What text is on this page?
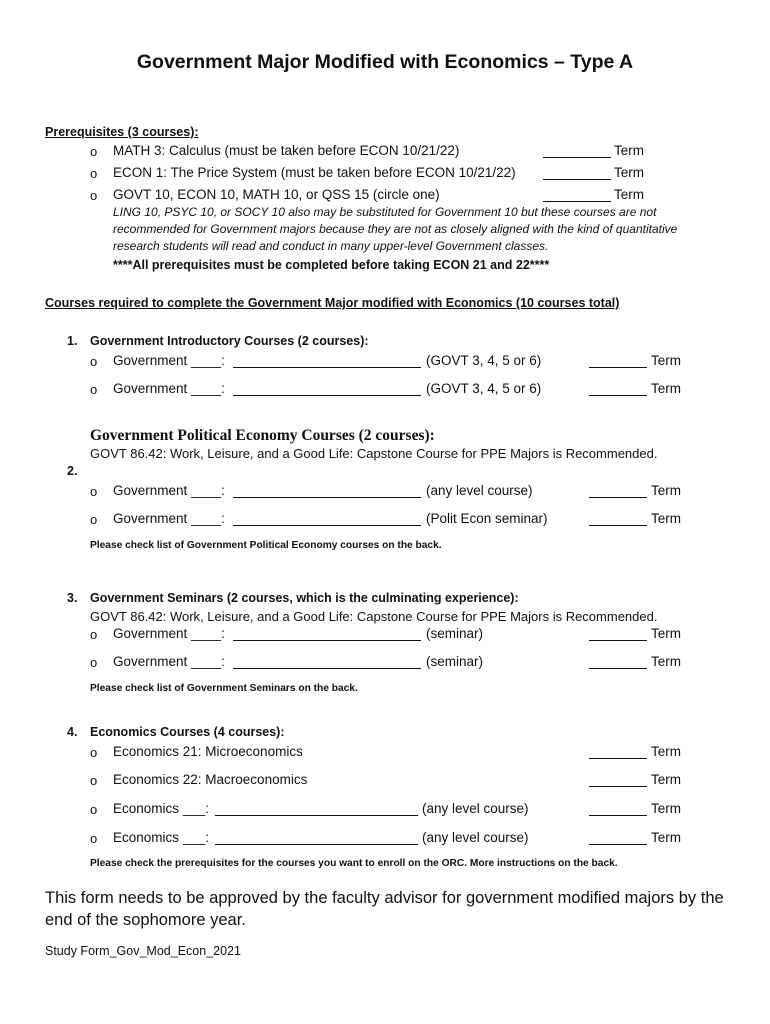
Government Major Modified with Economics – Type A
Prerequisites (3 courses):
o MATH 3: Calculus (must be taken before ECON 10/21/22)	Term
o ECON 1: The Price System (must be taken before ECON 10/21/22)	Term
o GOVT 10, ECON 10, MATH 10, or QSS 15 (circle one)	Term
LING 10, PSYC 10, or SOCY 10 also may be substituted for Government 10 but these courses are not
recommended for Government majors because they are not as closely aligned with the kind of quantitative
research students will read and conduct in many upper-level Government classes.
****All prerequisites must be completed before taking ECON 21 and 22****
Courses required to complete the Government Major modified with Economics (10 courses total)
1. Government Introductory Courses (2 courses):
o Government ____:	(GOVT 3, 4, 5 or 6)	Term
o Government ____:	(GOVT 3, 4, 5 or 6)	Term
Government Political Economy Courses (2 courses):
GOVT 86.42: Work, Leisure, and a Good Life: Capstone Course for PPE Majors is Recommended.
2.
o Government ____:	(any level course)	Term
o Government ____:	(Polit Econ seminar)	Term
Please check list of Government Political Economy courses on the back.
3. Government Seminars (2 courses, which is the culminating experience):
GOVT 86.42: Work, Leisure, and a Good Life: Capstone Course for PPE Majors is Recommended.
o Government ____:	(seminar)	Term
o Government ____:	(seminar)	Term
Please check list of Government Seminars on the back.
4. Economics Courses (4 courses):
o Economics 21: Microeconomics	Term
o Economics 22: Macroeconomics	Term
o Economics ___:	(any level course)	Term
o Economics ___:	(any level course)	Term
Please check the prerequisites for the courses you want to enroll on the ORC. More instructions on the back.
This form needs to be approved by the faculty advisor for government modified majors by the
end of the sophomore year.
Study Form_Gov_Mod_Econ_2021
